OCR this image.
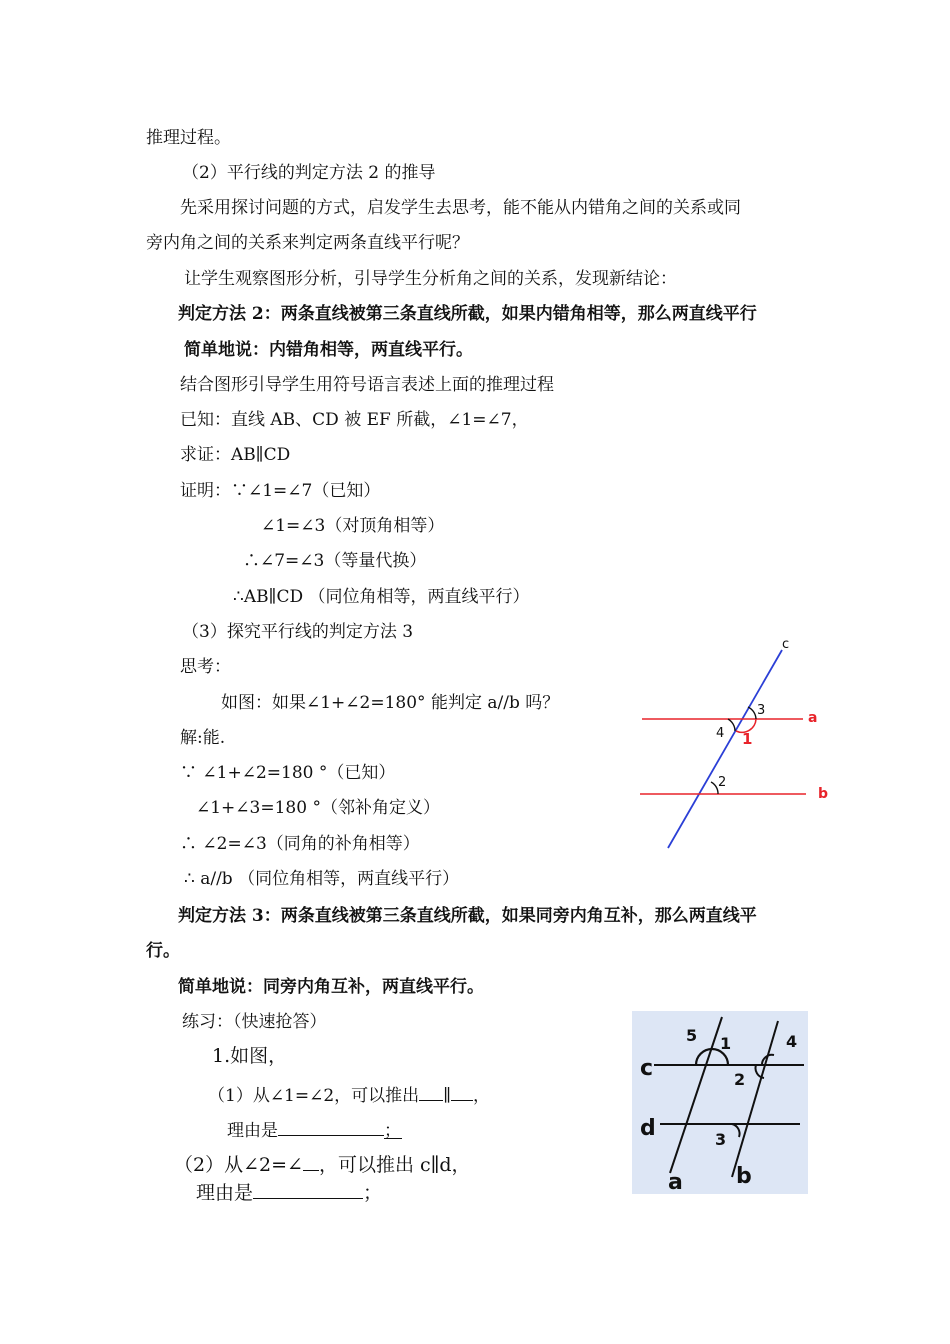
推理过程。
（2）平行线的判定方法 2 的推导
先采用探讨问题的方式，启发学生去思考，能不能从内错角之间的关系或同
旁内角之间的关系来判定两条直线平行呢？
让学生观察图形分析，引导学生分析角之间的关系，发现新结论：
判定方法 2：两条直线被第三条直线所截，如果内错角相等，那么两直线平行
简单地说：内错角相等，两直线平行。
结合图形引导学生用符号语言表述上面的推理过程
已知：直线 AB、CD 被 EF 所截，∠1=∠7，
求证：AB∥CD
证明：∵∠1=∠7（已知）
∠1=∠3（对顶角相等）
∴∠7=∠3（等量代换）
∴AB∥CD （同位角相等，两直线平行）
（3）探究平行线的判定方法 3
思考：
如图：如果∠1+∠2=180° 能判定 a//b 吗？
解:能.
∵ ∠1+∠2=180 °（已知）
∠1+∠3=180 °（邻补角定义）
∴ ∠2=∠3（同角的补角相等）
∴ a//b （同位角相等，两直线平行）
判定方法 3：两条直线被第三条直线所截，如果同旁内角互补，那么两直线平
行。
简单地说：同旁内角互补，两直线平行。
练习：（快速抢答）
1.如图，
（1）从∠1=∠2，可以推出 ∥ ，
理由是	；
（2）从∠2=∠ ，可以推出 c∥d，
理由是	；
c
a
b
3
4 1
2
c
d
a b
5 1	4
2
3
